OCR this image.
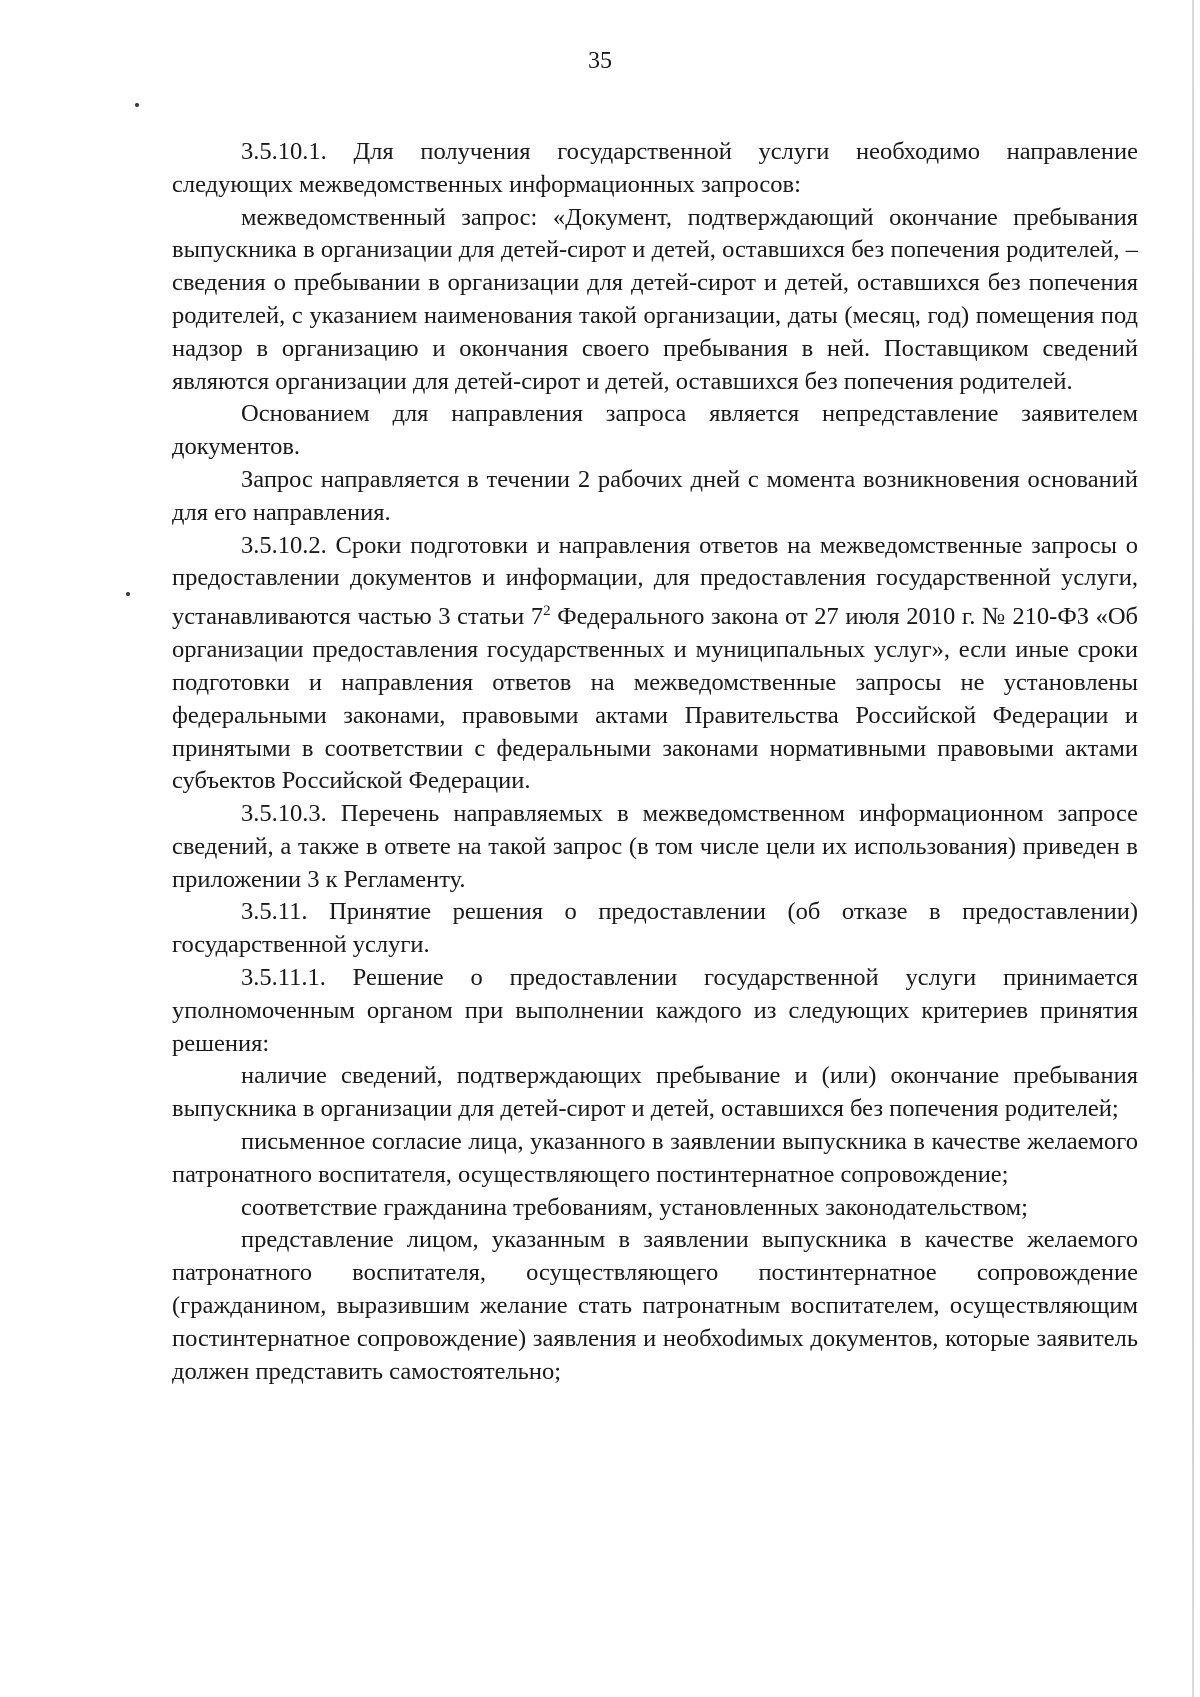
35

3.5.10.1. Для получения государственной услуги необходимо направление следующих межведомственных информационных запросов:

межведомственный запрос: «Документ, подтверждающий окончание пребывания выпускника в организации для детей-сирот и детей, оставшихся без попечения родителей, – сведения о пребывании в организации для детей-сирот и детей, оставшихся без попечения родителей, с указанием наименования такой организации, даты (месяц, год) помещения под надзор в организацию и окончания своего пребывания в ней. Поставщиком сведений являются организации для детей-сирот и детей, оставшихся без попечения родителей.

Основанием для направления запроса является непредставление заявителем документов.

Запрос направляется в течении 2 рабочих дней с момента возникновения оснований для его направления.

3.5.10.2. Сроки подготовки и направления ответов на межведомственные запросы о предоставлении документов и информации, для предоставления государственной услуги, устанавливаются частью 3 статьи $7^2$ Федерального закона от 27 июля 2010 г. № 210-ФЗ «Об организации предоставления государственных и муниципальных услуг», если иные сроки подготовки и направления ответов на межведомственные запросы не установлены федеральными законами, правовыми актами Правительства Российской Федерации и принятыми в соответствии с федеральными законами нормативными правовыми актами субъектов Российской Федерации.

3.5.10.3. Перечень направляемых в межведомственном информационном запросе сведений, а также в ответе на такой запрос (в том числе цели их использования) приведен в приложении 3 к Регламенту.

3.5.11. Принятие решения о предоставлении (об отказе в предоставлении) государственной услуги.

3.5.11.1. Решение о предоставлении государственной услуги принимается уполномоченным органом при выполнении каждого из следующих критериев принятия решения:

наличие сведений, подтверждающих пребывание и (или) окончание пребывания выпускника в организации для детей-сирот и детей, оставшихся без попечения родителей;

письменное согласие лица, указанного в заявлении выпускника в качестве желаемого патронатного воспитателя, осуществляющего постинтернатное сопровождение;

соответствие гражданина требованиям, установленных законодательством;

представление лицом, указанным в заявлении выпускника в качестве желаемого патронатного воспитателя, осуществляющего постинтернатное сопровождение (гражданином, выразившим желание стать патронатным воспитателем, осуществляющим постинтернатное сопровождение) заявления и необхоdимых документов, которые заявитель должен представить самостоятельно;
